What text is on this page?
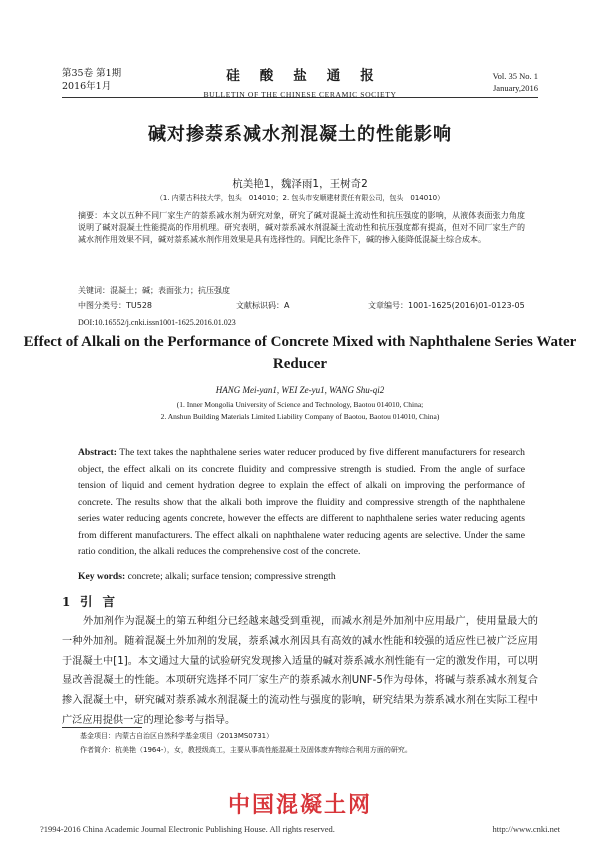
第35卷 第1期
2016年1月
硅酸盐通报
BULLETIN OF THE CHINESE CERAMIC SOCIETY
Vol. 35 No. 1
January,2016
碱对掺萘系减水剂混凝土的性能影响
杭美艳1，魏泽雨1，王树奇2
（1. 内蒙古科技大学，包头　014010；2. 包头市安顺建材责任有限公司，包头　014010）
摘要：本文以五种不同厂家生产的萘系减水剂为研究对象，研究了碱对混凝土流动性和抗压强度的影响，从液体表面张力角度说明了碱对混凝土性能提高的作用机理。研究表明，碱对萘系减水剂混凝土流动性和抗压强度都有提高，但对不同厂家生产的减水剂作用效果不同，碱对萘系减水剂作用效果是具有选择性的。同配比条件下，碱的掺入能降低混凝土综合成本。
关键词：混凝土；碱；表面张力；抗压强度
中图分类号：TU528	文献标识码：A	文章编号：1001-1625(2016)01-0123-05
DOI:10.16552/j.cnki.issn1001-1625.2016.01.023
Effect of Alkali on the Performance of Concrete Mixed with Naphthalene Series Water Reducer
HANG Mei-yan1, WEI Ze-yu1, WANG Shu-qi2
(1. Inner Mongolia University of Science and Technology, Baotou 014010, China;
2. Anshun Building Materials Limited Liability Company of Baotou, Baotou 014010, China)
Abstract: The text takes the naphthalene series water reducer produced by five different manufacturers for research object, the effect alkali on its concrete fluidity and compressive strength is studied. From the angle of surface tension of liquid and cement hydration degree to explain the effect of alkali on improving the performance of concrete. The results show that the alkali both improve the fluidity and compressive strength of the naphthalene series water reducing agents concrete, however the effects are different to naphthalene series water reducing agents from different manufacturers. The effect alkali on naphthalene water reducing agents are selective. Under the same ratio condition, the alkali reduces the comprehensive cost of the concrete.
Key words: concrete; alkali; surface tension; compressive strength
1 引言
外加剂作为混凝土的第五种组分已经越来越受到重视，而减水剂是外加剂中应用最广，使用量最大的一种外加剂。随着混凝土外加剂的发展，萘系减水剂因具有高效的减水性能和较强的适应性已被广泛应用于混凝土中[1]。本文通过大量的试验研究发现掺入适量的碱对萘系减水剂性能有一定的激发作用，可以明显改善混凝土的性能。本项研究选择不同厂家生产的萘系减水剂UNF-5作为母体，将碱与萘系减水剂复合掺入混凝土中，研究碱对萘系减水剂混凝土的流动性与强度的影响，研究结果为萘系减水剂在实际工程中广泛应用提供一定的理论参考与指导。
基金项目：内蒙古自治区自然科学基金项目（2013MS0731）
作者简介：杭美艳（1964-），女，教授级高工，主要从事高性能混凝土及固体废弃物综合利用方面的研究。
中国混凝土网
?1994-2016 China Academic Journal Electronic Publishing House. All rights reserved.	http://www.cnki.net
